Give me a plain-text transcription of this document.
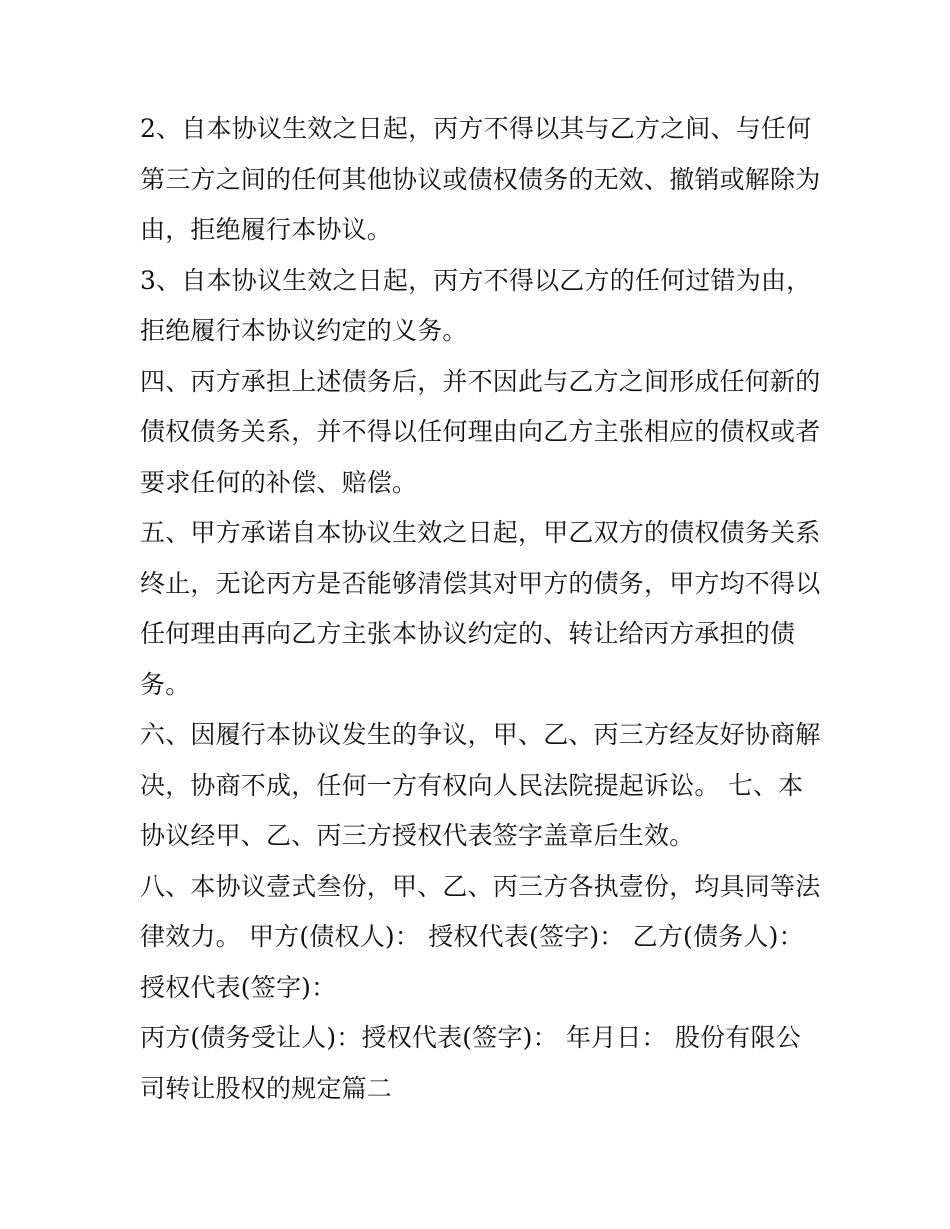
2、自本协议生效之日起，丙方不得以其与乙方之间、与任何
第三方之间的任何其他协议或债权债务的无效、撤销或解除为
由，拒绝履行本协议。
3、自本协议生效之日起，丙方不得以乙方的任何过错为由，
拒绝履行本协议约定的义务。
四、丙方承担上述债务后，并不因此与乙方之间形成任何新的
债权债务关系，并不得以任何理由向乙方主张相应的债权或者
要求任何的补偿、赔偿。
五、甲方承诺自本协议生效之日起，甲乙双方的债权债务关系
终止，无论丙方是否能够清偿其对甲方的债务，甲方均不得以
任何理由再向乙方主张本协议约定的、转让给丙方承担的债
务。
六、因履行本协议发生的争议，甲、乙、丙三方经友好协商解
决，协商不成，任何一方有权向人民法院提起诉讼。 七、本
协议经甲、乙、丙三方授权代表签字盖章后生效。
八、本协议壹式叁份，甲、乙、丙三方各执壹份，均具同等法
律效力。 甲方(债权人)： 授权代表(签字)： 乙方(债务人)：
授权代表(签字)：
丙方(债务受让人)：授权代表(签字)： 年月日： 股份有限公
司转让股权的规定篇二
